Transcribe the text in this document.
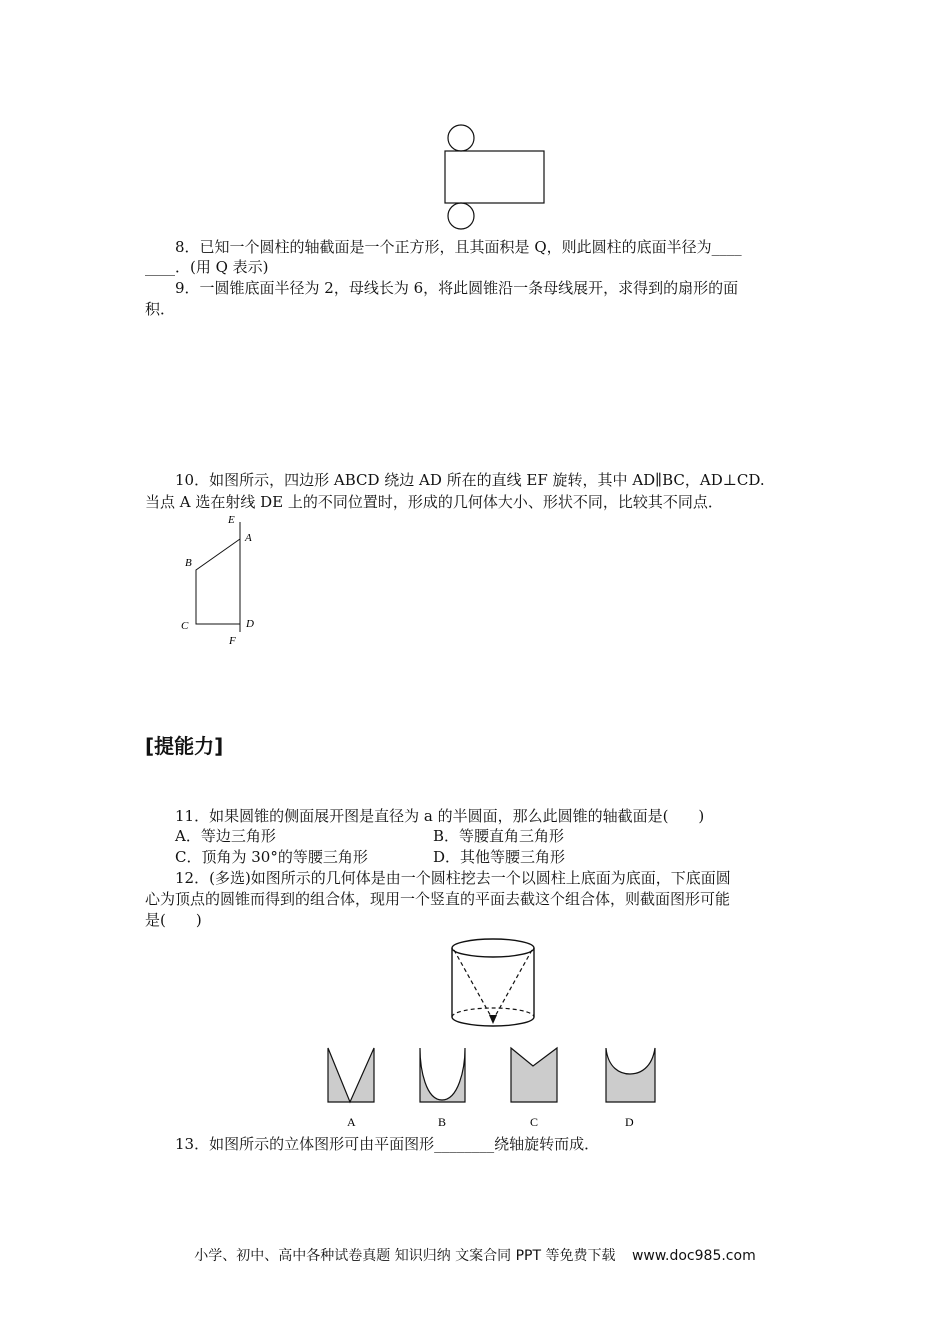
8．已知一个圆柱的轴截面是一个正方形，且其面积是 Q，则此圆柱的底面半径为____
____．(用 Q 表示)
9．一圆锥底面半径为 2，母线长为 6，将此圆锥沿一条母线展开，求得到的扇形的面
积．
10．如图所示，四边形 ABCD 绕边 AD 所在的直线 EF 旋转，其中 AD∥BC，AD⊥CD.
当点 A 选在射线 DE 上的不同位置时，形成的几何体大小、形状不同，比较其不同点．
E
A
B
C	D
F
[提能力]
11．如果圆锥的侧面展开图是直径为 a 的半圆面，那么此圆锥的轴截面是(　　)
A．等边三角形	B．等腰直角三角形
C．顶角为 30°的等腰三角形	D．其他等腰三角形
12．(多选)如图所示的几何体是由一个圆柱挖去一个以圆柱上底面为底面，下底面圆
心为顶点的圆锥而得到的组合体，现用一个竖直的平面去截这个组合体，则截面图形可能
是(　　)
A	B	C	D
13．如图所示的立体图形可由平面图形________绕轴旋转而成．
小学、初中、高中各种试卷真题 知识归纳 文案合同 PPT 等免费下载 www.doc985.com
